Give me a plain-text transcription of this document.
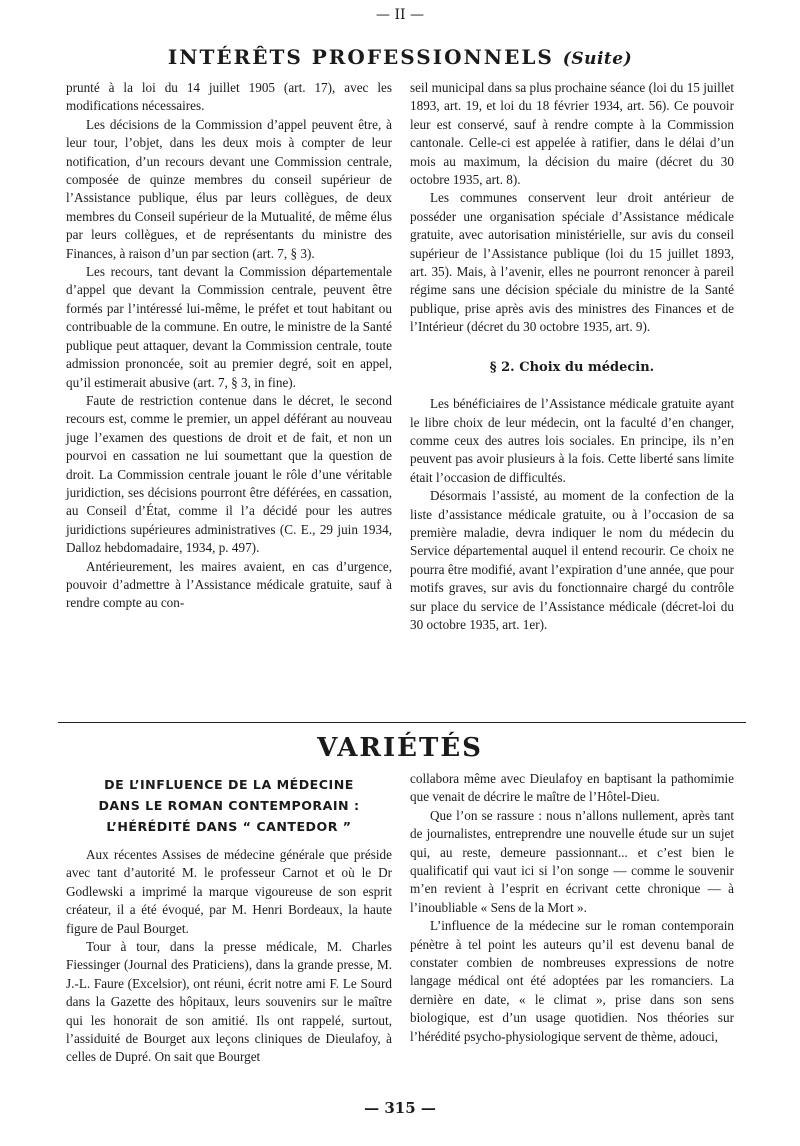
— II —
INTÉRÊTS PROFESSIONNELS (Suite)

prunté à la loi du 14 juillet 1905 (art. 17), avec les modifications nécessaires.

Les décisions de la Commission d’appel peuvent être, à leur tour, l’objet, dans les deux mois à compter de leur notification, d’un recours devant une Commission centrale, composée de quinze membres du conseil supérieur de l’Assistance publique, élus par leurs collègues, de deux membres du Conseil supérieur de la Mutualité, de même élus par leurs collègues, et de représentants du ministre des Finances, à raison d’un par section (art. 7, § 3).

Les recours, tant devant la Commission départementale d’appel que devant la Commission centrale, peuvent être formés par l’intéressé lui-même, le préfet et tout habitant ou contribuable de la commune. En outre, le ministre de la Santé publique peut attaquer, devant la Commission centrale, toute admission prononcée, soit au premier degré, soit en appel, qu’il estimerait abusive (art. 7, § 3, in fine).

Faute de restriction contenue dans le décret, le second recours est, comme le premier, un appel déférant au nouveau juge l’examen des questions de droit et de fait, et non un pourvoi en cassation ne lui soumettant que la question de droit. La Commission centrale jouant le rôle d’une véritable juridiction, ses décisions pourront être déférées, en cassation, au Conseil d’État, comme il l’a décidé pour les autres juridictions supérieures administratives (C. E., 29 juin 1934, Dalloz hebdomadaire, 1934, p. 497).

Antérieurement, les maires avaient, en cas d’urgence, pouvoir d’admettre à l’Assistance médicale gratuite, sauf à rendre compte au con-

seil municipal dans sa plus prochaine séance (loi du 15 juillet 1893, art. 19, et loi du 18 février 1934, art. 56). Ce pouvoir leur est conservé, sauf à rendre compte à la Commission cantonale. Celle-ci est appelée à ratifier, dans le délai d’un mois au maximum, la décision du maire (décret du 30 octobre 1935, art. 8).

Les communes conservent leur droit antérieur de posséder une organisation spéciale d’Assistance médicale gratuite, avec autorisation ministérielle, sur avis du conseil supérieur de l’Assistance publique (loi du 15 juillet 1893, art. 35). Mais, à l’avenir, elles ne pourront renoncer à pareil régime sans une décision spéciale du ministre de la Santé publique, prise après avis des ministres des Finances et de l’Intérieur (décret du 30 octobre 1935, art. 9).

§ 2. Choix du médecin.

Les bénéficiaires de l’Assistance médicale gratuite ayant le libre choix de leur médecin, ont la faculté d’en changer, comme ceux des autres lois sociales. En principe, ils n’en peuvent pas avoir plusieurs à la fois. Cette liberté sans limite était l’occasion de difficultés.

Désormais l’assisté, au moment de la confection de la liste d’assistance médicale gratuite, ou à l’occasion de sa première maladie, devra indiquer le nom du médecin du Service départemental auquel il entend recourir. Ce choix ne pourra être modifié, avant l’expiration d’une année, que pour motifs graves, sur avis du fonctionnaire chargé du contrôle sur place du service de l’Assistance médicale (décret-loi du 30 octobre 1935, art. 1er).

VARIÉTÉS
DE L’INFLUENCE DE LA MÉDECINE
DANS LE ROMAN CONTEMPORAIN :
L’HÉRÉDITÉ DANS “ CANTEDOR ”

Aux récentes Assises de médecine générale que préside avec tant d’autorité M. le professeur Carnot et où le Dr Godlewski a imprimé la marque vigoureuse de son esprit créateur, il a été évoqué, par M. Henri Bordeaux, la haute figure de Paul Bourget.

Tour à tour, dans la presse médicale, M. Charles Fiessinger (Journal des Praticiens), dans la grande presse, M. J.-L. Faure (Excelsior), ont réuni, écrit notre ami F. Le Sourd dans la Gazette des hôpitaux, leurs souvenirs sur le maître qui les honorait de son amitié. Ils ont rappelé, surtout, l’assiduité de Bourget aux leçons cliniques de Dieulafoy, à celles de Dupré. On sait que Bourget

collabora même avec Dieulafoy en baptisant la pathomimie que venait de décrire le maître de l’Hôtel-Dieu.

Que l’on se rassure : nous n’allons nullement, après tant de journalistes, entreprendre une nouvelle étude sur un sujet qui, au reste, demeure passionnant... et c’est bien le qualificatif qui vaut ici si l’on songe — comme le souvenir m’en revient à l’esprit en écrivant cette chronique — à l’inoubliable « Sens de la Mort ».

L’influence de la médecine sur le roman contemporain pénètre à tel point les auteurs qu’il est devenu banal de constater combien de nombreuses expressions de notre langage médical ont été adoptées par les romanciers. La dernière en date, « le climat », prise dans son sens biologique, est d’un usage quotidien. Nos théories sur l’hérédité psycho-physiologique servent de thème, adouci,

— 315 —
